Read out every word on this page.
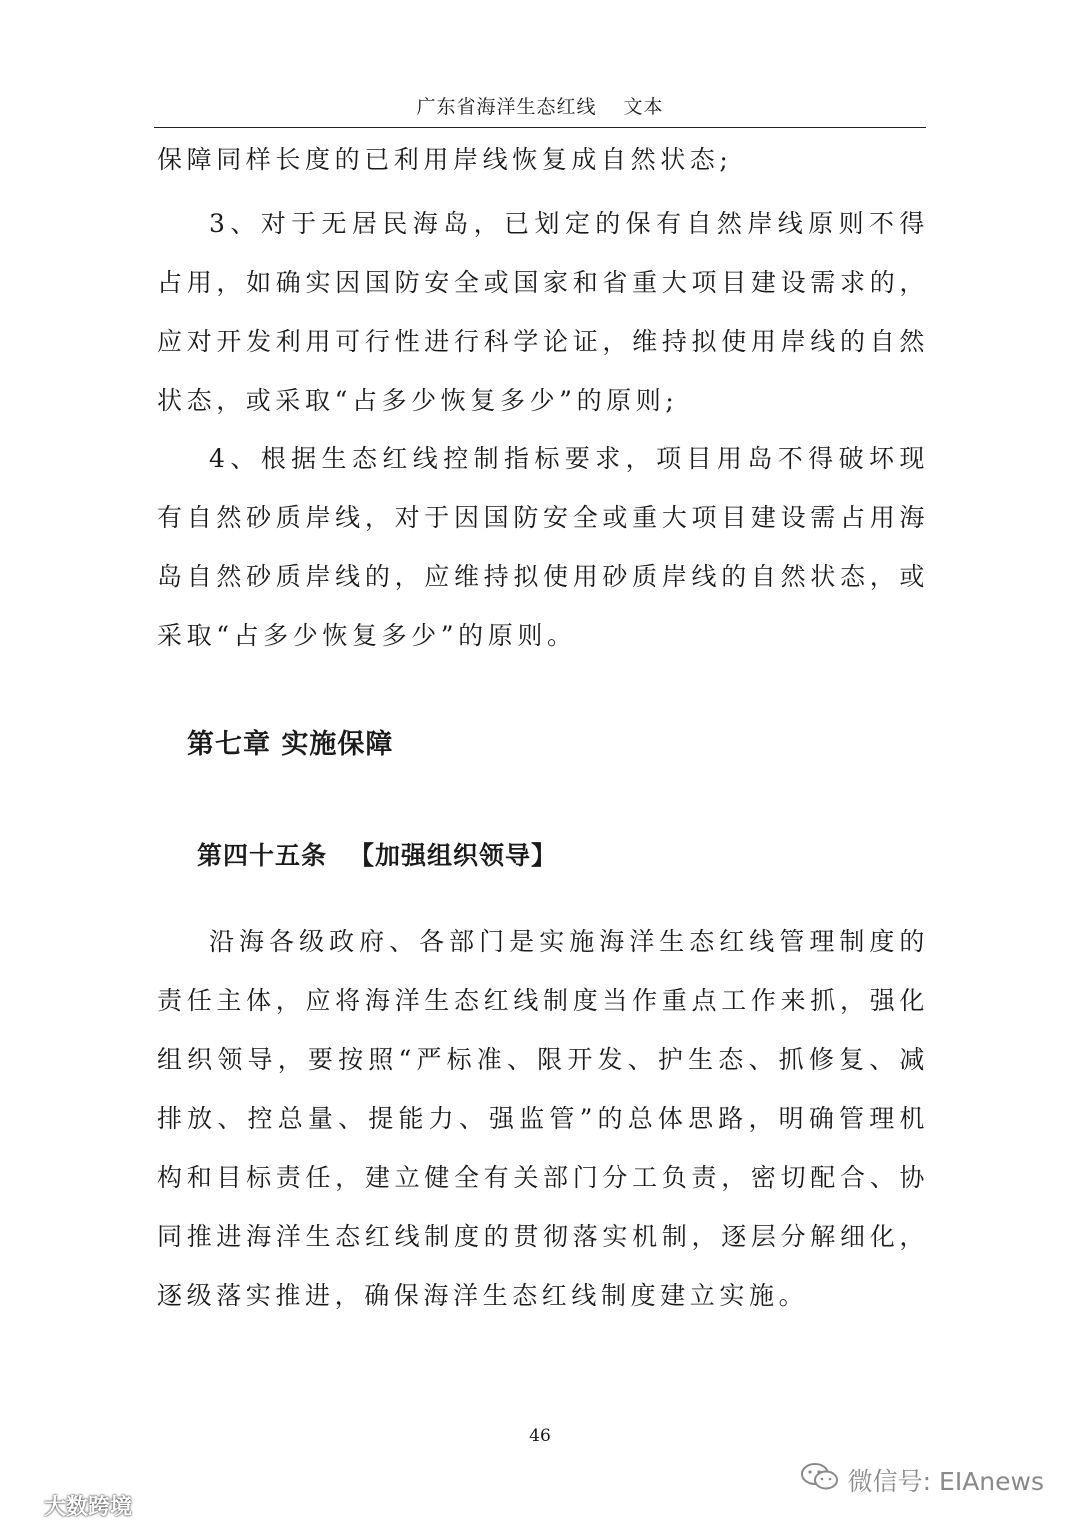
广东省海洋生态红线　 文本

保障同样长度的已利用岸线恢复成自然状态;

3、对于无居民海岛，已划定的保有自然岸线原则不得占用，如确实因国防安全或国家和省重大项目建设需求的，应对开发利用可行性进行科学论证，维持拟使用岸线的自然状态，或采取“占多少恢复多少”的原则;

4、根据生态红线控制指标要求，项目用岛不得破坏现有自然砂质岸线，对于因国防安全或重大项目建设需占用海岛自然砂质岸线的，应维持拟使用砂质岸线的自然状态，或采取“占多少恢复多少”的原则。

第七章 实施保障
第四十五条 【加强组织领导】

沿海各级政府、各部门是实施海洋生态红线管理制度的责任主体，应将海洋生态红线制度当作重点工作来抓，强化组织领导，要按照“严标准、限开发、护生态、抓修复、减排放、控总量、提能力、强监管”的总体思路，明确管理机构和目标责任，建立健全有关部门分工负责，密切配合、协同推进海洋生态红线制度的贯彻落实机制，逐层分解细化，逐级落实推进，确保海洋生态红线制度建立实施。

46
微信号: EIAnews
大数跨境
